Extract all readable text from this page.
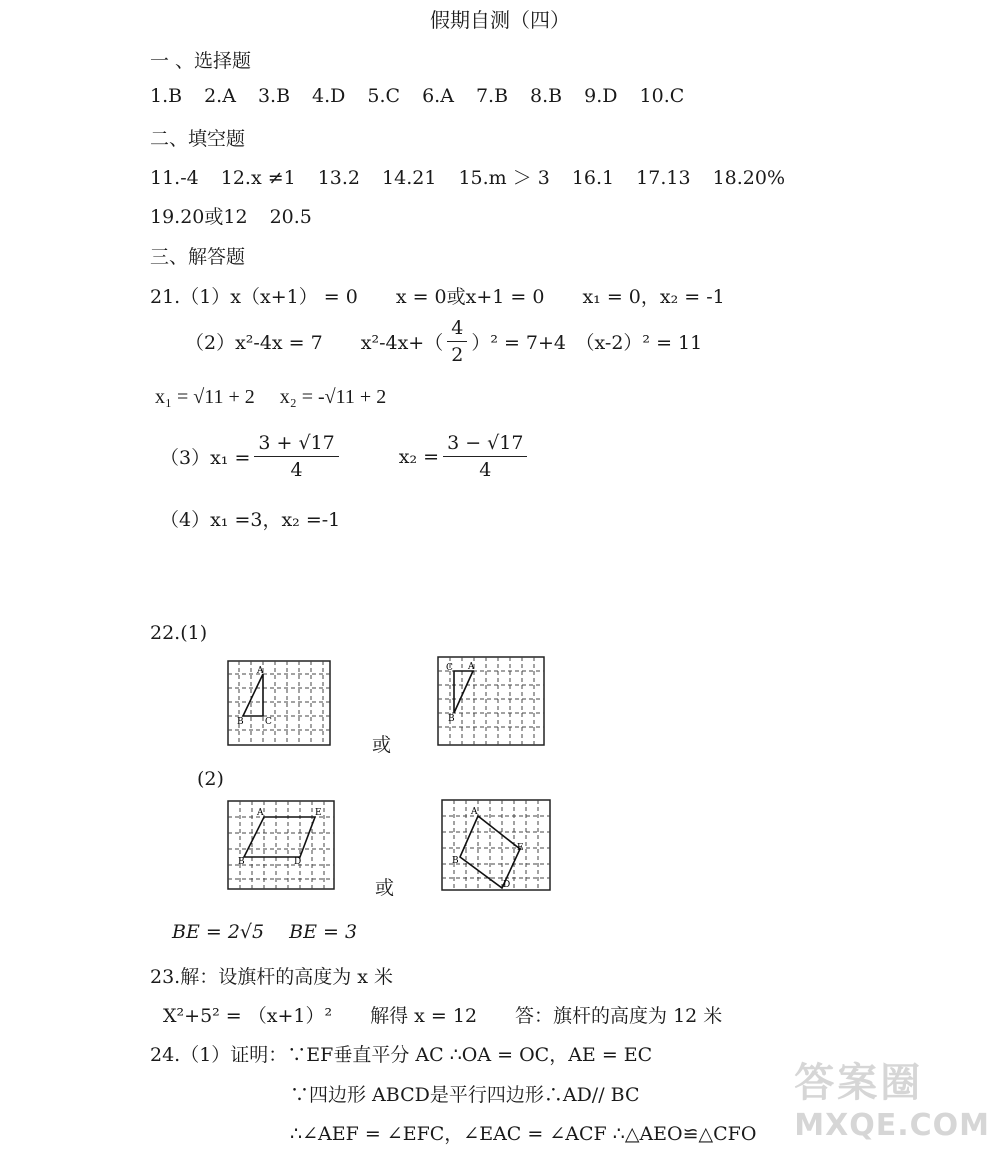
假期自测（四）
一 、选择题
1.B 2.A 3.B 4.D 5.C 6.A 7.B 8.B 9.D 10.C
二、填空题
11.-4 12.x ≠1 13.2 14.21 15.m ＞ 3 16.1 17.13 18.20%
19.20或12 20.5
三、解答题
21.（1）x（x+1） = 0　　x = 0或x+1 = 0　　x₁ = 0，x₂ = -1
（2）x²-4x = 7　　$x^2-4x+( \frac{4}{2} )^2 = 7+4$　（x-2）² = 11
x₁ = √11 + 2　 x₂ = -√11 + 2
$(3)x_1 = \frac{3 + √17}{4}$	$x_2 = \frac{3 - √17}{4}$
（4）x₁ =3，x₂ =-1
22.(1)
A
B C
或
C A
B
(2)
A	E
B	D
或
A
E
B
D
BE = 2√5　 BE = 3
23.解：设旗杆的高度为 x 米
X²+5² = （x+1）²　　解得 x = 12　　答：旗杆的高度为 12 米
24.（1）证明：∵EF垂直平分 AC ∴OA = OC，AE = EC
∵四边形 ABCD是平行四边形∴AD// BC
∴∠AEF = ∠EFC，∠EAC = ∠ACF ∴△AEO≌△CFO
答案圈
MXQE.COM
